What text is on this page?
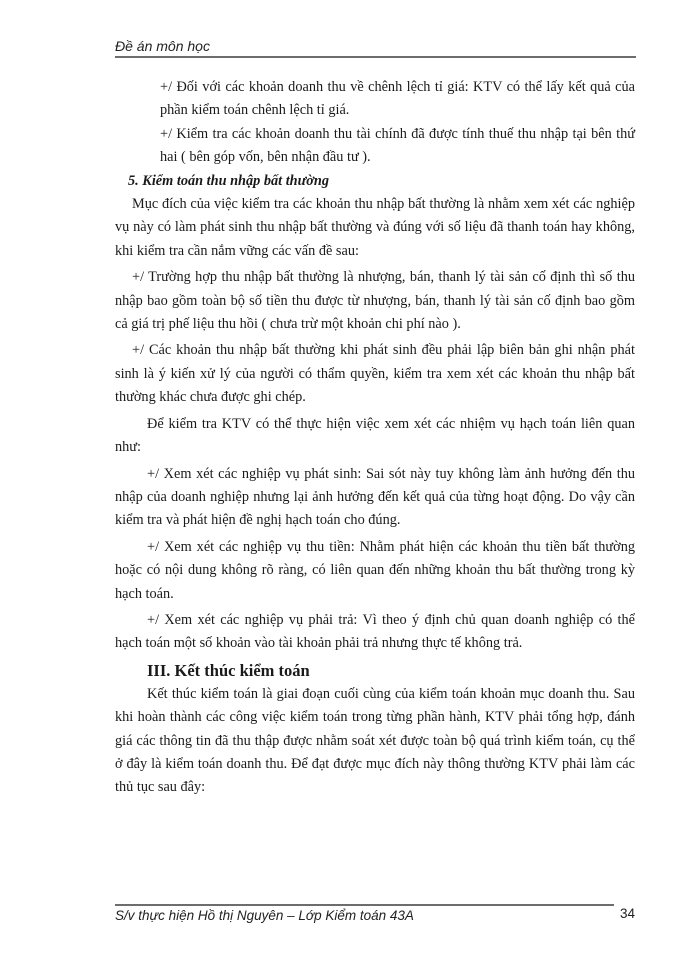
Đề án môn học

+/ Đối với các khoản doanh thu về chênh lệch tỉ giá: KTV có thể lấy kết quả của phần kiểm toán chênh lệch tỉ giá.

+/ Kiểm tra các khoản doanh thu tài chính đã được tính thuế thu nhập tại bên thứ hai ( bên góp vốn, bên nhận đầu tư ).

5. Kiểm toán thu nhập bất thường

Mục đích của việc kiểm tra các khoản thu nhập bất thường là nhằm xem xét các nghiệp vụ này có làm phát sinh thu nhập bất thường và đúng với số liệu đã thanh toán hay không, khi kiểm tra cần nắm vững các vấn đề sau:

+/ Trường hợp thu nhập bất thường là nhượng, bán, thanh lý tài sản cố định thì số thu nhập bao gồm toàn bộ số tiền thu được từ nhượng, bán, thanh lý tài sản cố định bao gồm cả giá trị phế liệu thu hồi ( chưa trừ một khoản chi phí nào ).

+/ Các khoản thu nhập bất thường khi phát sinh đều phải lập biên bản ghi nhận phát sinh là ý kiến xử lý của người có thẩm quyền, kiểm tra xem xét các khoản thu nhập bất thường khác chưa được ghi chép.

Để kiểm tra KTV có thể thực hiện việc xem xét các nhiệm vụ hạch toán liên quan như:

+/ Xem xét các nghiệp vụ phát sinh: Sai sót này tuy không làm ảnh hưởng đến thu nhập của doanh nghiệp nhưng lại ảnh hưởng đến kết quả của từng hoạt động. Do vậy cần kiểm tra và phát hiện đề nghị hạch toán cho đúng.

+/ Xem xét các nghiệp vụ thu tiền: Nhằm phát hiện các khoản thu tiền bất thường hoặc có nội dung không rõ ràng, có liên quan đến những khoản thu bất thường trong kỳ hạch toán.

+/ Xem xét các nghiệp vụ phải trả: Vì theo ý định chủ quan doanh nghiệp có thể hạch toán một số khoản vào tài khoản phải trả nhưng thực tế không trả.

III. Kết thúc kiểm toán

Kết thúc kiểm toán là giai đoạn cuối cùng của kiểm toán khoản mục doanh thu. Sau khi hoàn thành các công việc kiểm toán trong từng phần hành, KTV phải tổng hợp, đánh giá các thông tin đã thu thập được nhằm soát xét được toàn bộ quá trình kiểm toán, cụ thể ở đây là kiểm toán doanh thu. Để đạt được mục đích này thông thường KTV phải làm các thủ tục sau đây:

S/v thực hiện Hồ thị Nguyên – Lớp Kiểm toán 43A	34
